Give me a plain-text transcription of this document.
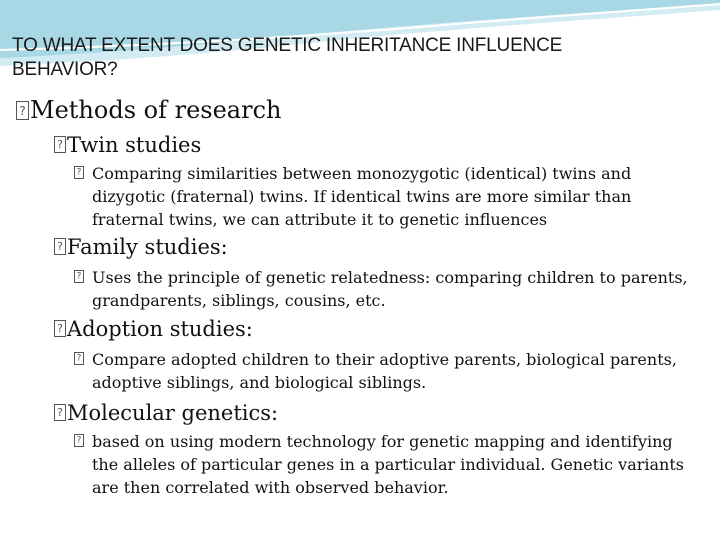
TO WHAT EXTENT DOES GENETIC INHERITANCE INFLUENCE BEHAVIOR?
?
Methods of research
?
Twin studies
?
Comparing similarities between monozygotic (identical) twins and dizygotic (fraternal) twins. If identical twins are more similar than fraternal twins, we can attribute it to genetic influences
?
Family studies:
?
Uses the principle of genetic relatedness: comparing children to parents, grandparents, siblings, cousins, etc.
?
Adoption studies:
?
Compare adopted children to their adoptive parents, biological parents, adoptive siblings, and biological siblings.
?
Molecular genetics:
?
based on using modern technology for genetic mapping and identifying the alleles of particular genes in a particular individual. Genetic variants are then correlated with observed behavior.
